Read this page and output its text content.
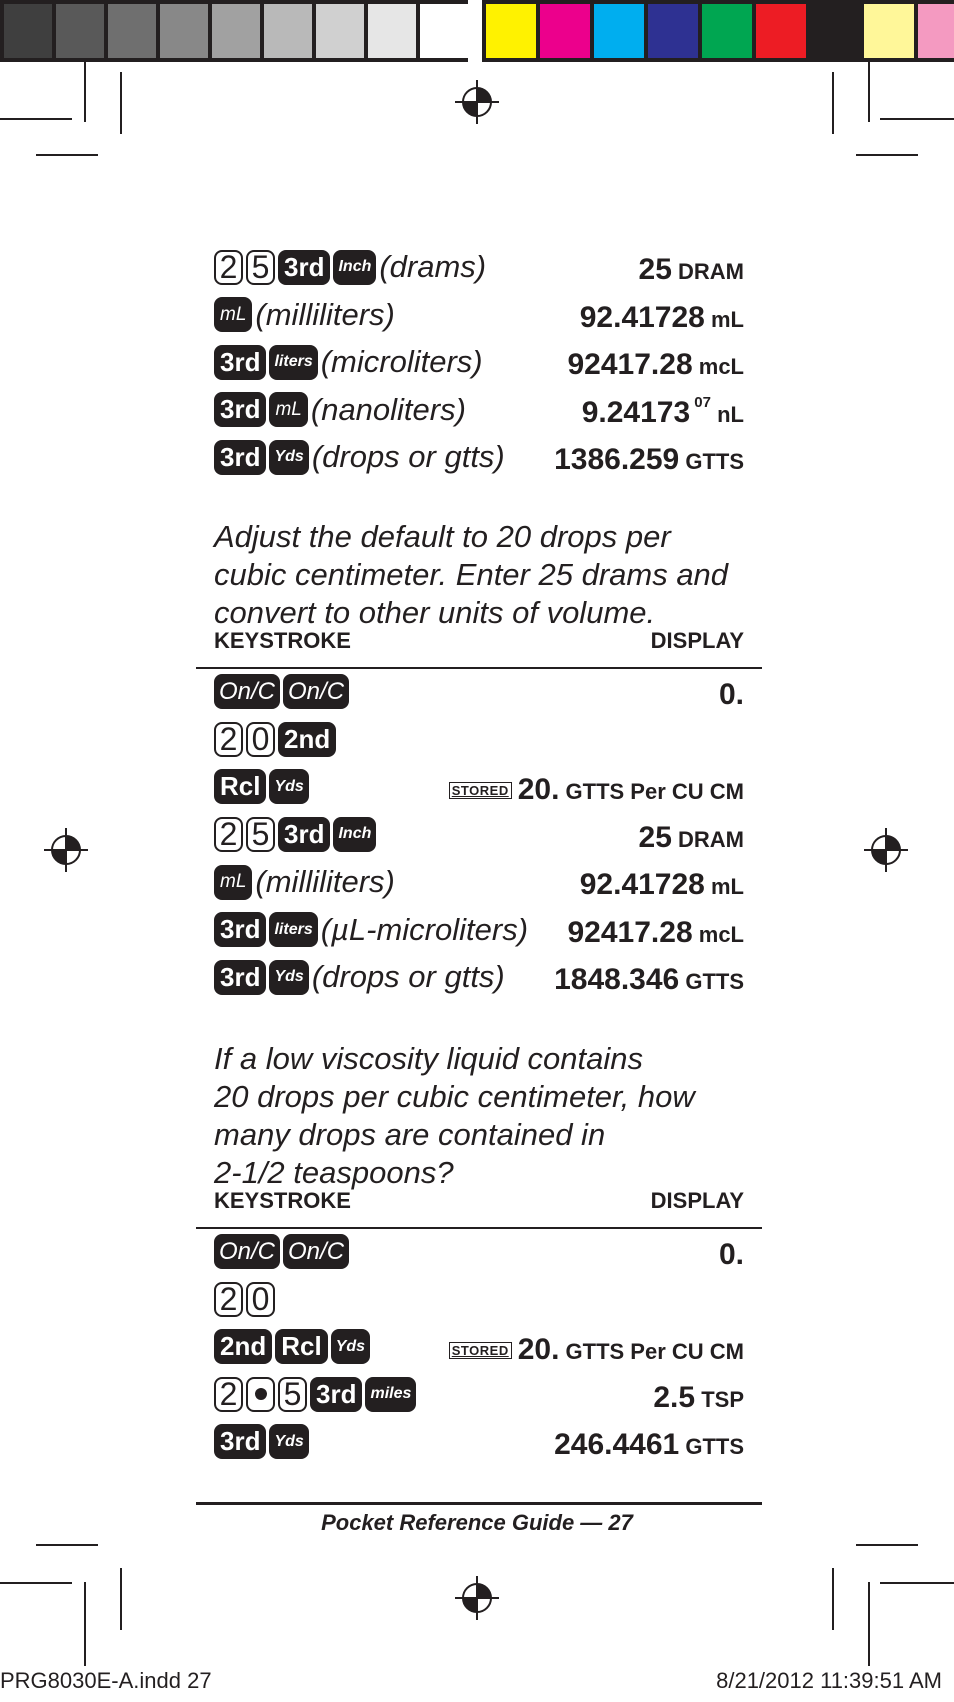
2 5 3rd Inch (drams)	25 DRAM
mL (milliliters)	92.41728 mL
3rd liters (microliters)	92417.28 mcL
3rd mL (nanoliters)	9.24173 $^{07}$ nL
3rd Yds (drops or gtts) 1386.259 GTTS

Adjust the default to 20 drops per
cubic centimeter. Enter 25 drams and
convert to other units of volume.

KEYSTROKE	DISPLAY
On/C On/C	0.
2 0 2nd
Rcl Yds	STORED 20. GTTS Per CU CM
2 5 3rd Inch	25 DRAM
mL (milliliters)	92.41728 mL
3rd liters (µL-microliters) 92417.28 mcL
3rd Yds (drops or gtts) 1848.346 GTTS

If a low viscosity liquid contains
20 drops per cubic centimeter, how
many drops are contained in
2-1/2 teaspoons?

KEYSTROKE	DISPLAY
On/C On/C	0.
2 0
2nd Rcl Yds	STORED 20. GTTS Per CU CM
2 5 3rd miles	2.5 TSP
3rd Yds	246.4461 GTTS
Pocket Reference Guide — 27
PRG8030E-A.indd 27	8/21/2012 11:39:51 AM
